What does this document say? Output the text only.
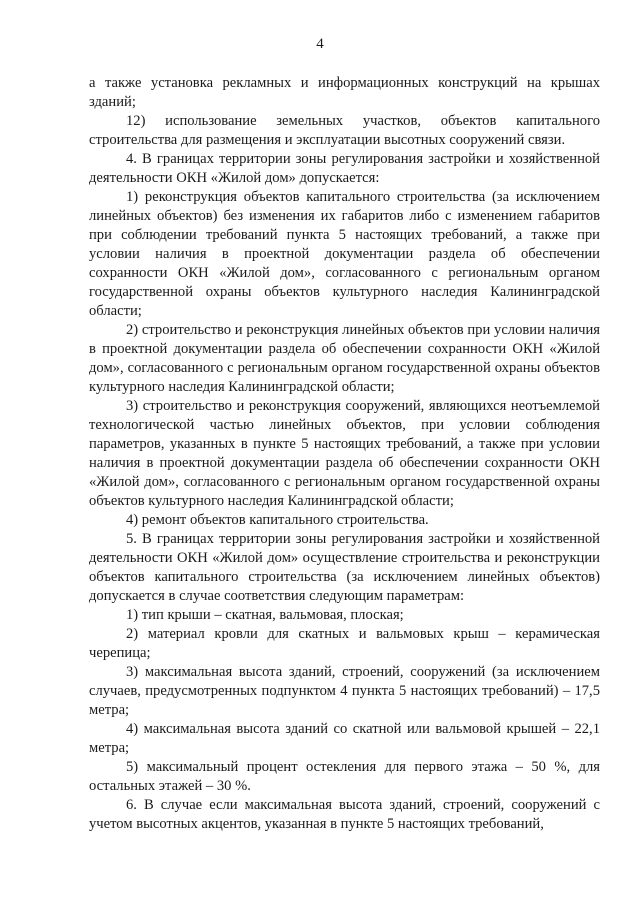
4

а также установка рекламных и информационных конструкций на крышах зданий;

12) использование земельных участков, объектов капитального строительства для размещения и эксплуатации высотных сооружений связи.

4. В границах территории зоны регулирования застройки и хозяйственной деятельности ОКН «Жилой дом» допускается:

1) реконструкция объектов капитального строительства (за исключением линейных объектов) без изменения их габаритов либо с изменением габаритов при соблюдении требований пункта 5 настоящих требований, а также при условии наличия в проектной документации раздела об обеспечении сохранности ОКН «Жилой дом», согласованного с региональным органом государственной охраны объектов культурного наследия Калининградской области;

2) строительство и реконструкция линейных объектов при условии наличия в проектной документации раздела об обеспечении сохранности ОКН «Жилой дом», согласованного с региональным органом государственной охраны объектов культурного наследия Калининградской области;

3) строительство и реконструкция сооружений, являющихся неотъемлемой технологической частью линейных объектов, при условии соблюдения параметров, указанных в пункте 5 настоящих требований, а также при условии наличия в проектной документации раздела об обеспечении сохранности ОКН «Жилой дом», согласованного с региональным органом государственной охраны объектов культурного наследия Калининградской области;

4) ремонт объектов капитального строительства.

5. В границах территории зоны регулирования застройки и хозяйственной деятельности ОКН «Жилой дом» осуществление строительства и реконструкции объектов капитального строительства (за исключением линейных объектов) допускается в случае соответствия следующим параметрам:

1) тип крыши – скатная, вальмовая, плоская;

2) материал кровли для скатных и вальмовых крыш – керамическая черепица;

3) максимальная высота зданий, строений, сооружений (за исключением случаев, предусмотренных подпунктом 4 пункта 5 настоящих требований) – 17,5 метра;

4) максимальная высота зданий со скатной или вальмовой крышей – 22,1 метра;

5) максимальный процент остекления для первого этажа – 50 %, для остальных этажей – 30 %.

6. В случае если максимальная высота зданий, строений, сооружений с учетом высотных акцентов, указанная в пункте 5 настоящих требований,
